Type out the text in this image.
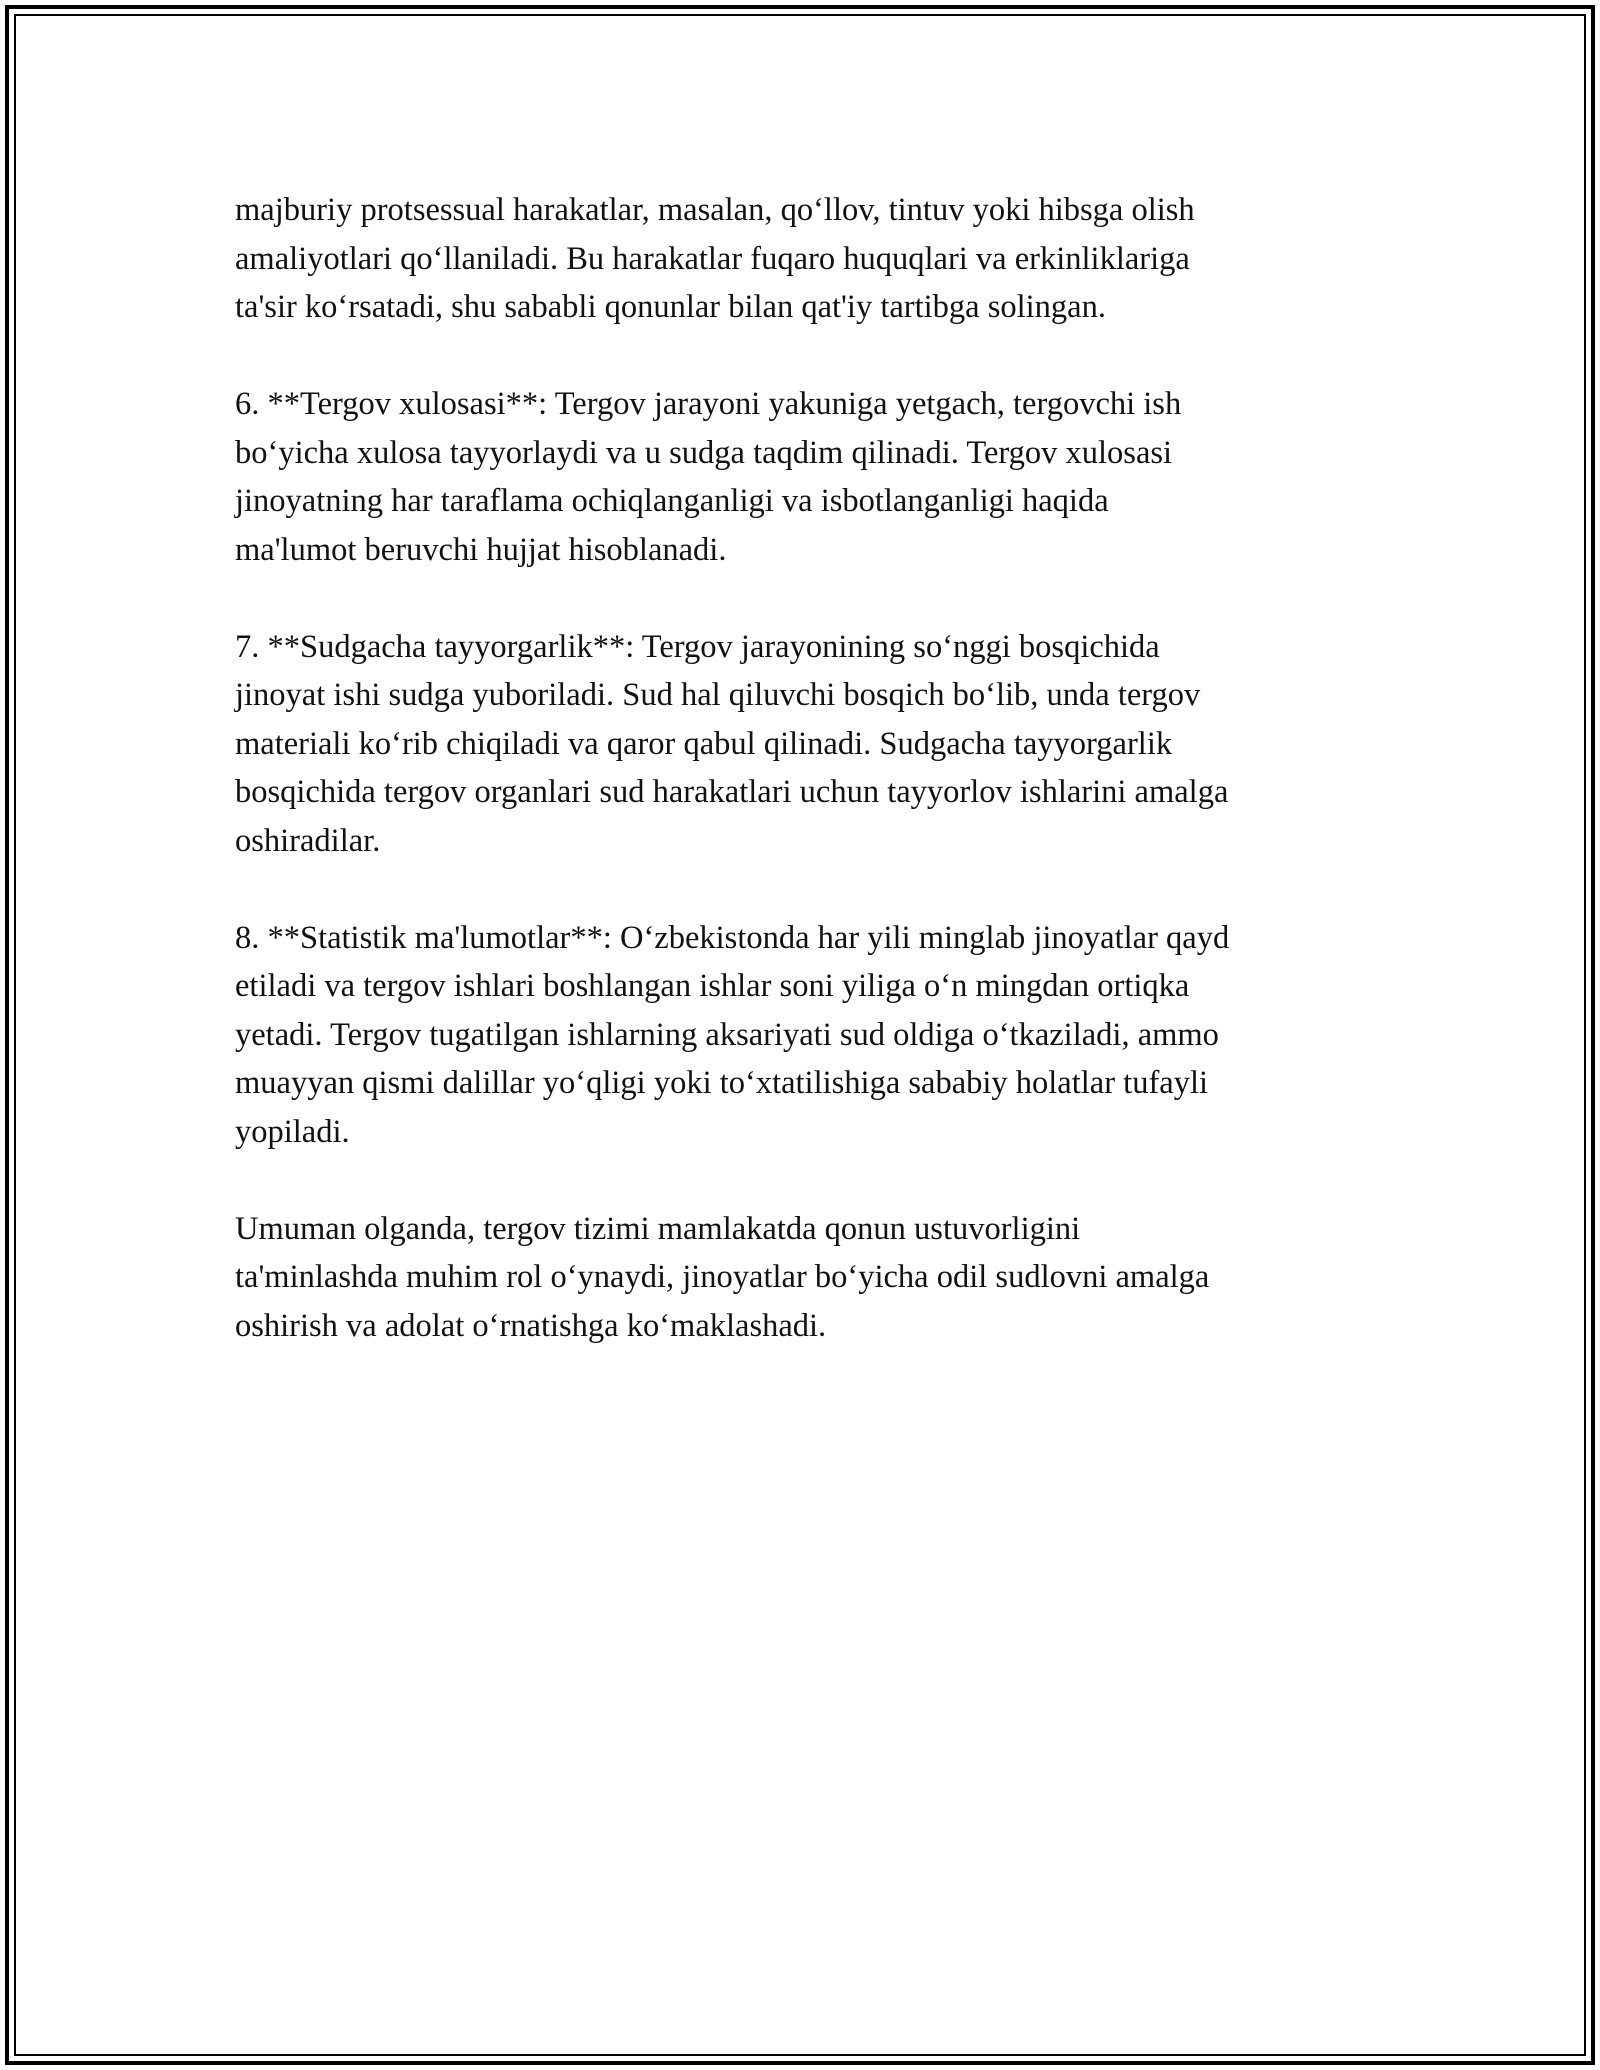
majburiy protsessual harakatlar, masalan, qo‘llov, tintuv yoki hibsga olish
amaliyotlari qo‘llaniladi. Bu harakatlar fuqaro huquqlari va erkinliklariga
ta'sir ko‘rsatadi, shu sababli qonunlar bilan qat'iy tartibga solingan.

6. **Tergov xulosasi**: Tergov jarayoni yakuniga yetgach, tergovchi ish
bo‘yicha xulosa tayyorlaydi va u sudga taqdim qilinadi. Tergov xulosasi
jinoyatning har taraflama ochiqlanganligi va isbotlanganligi haqida
ma'lumot beruvchi hujjat hisoblanadi.

7. **Sudgacha tayyorgarlik**: Tergov jarayonining so‘nggi bosqichida
jinoyat ishi sudga yuboriladi. Sud hal qiluvchi bosqich bo‘lib, unda tergov
materiali ko‘rib chiqiladi va qaror qabul qilinadi. Sudgacha tayyorgarlik
bosqichida tergov organlari sud harakatlari uchun tayyorlov ishlarini amalga
oshiradilar.

8. **Statistik ma'lumotlar**: O‘zbekistonda har yili minglab jinoyatlar qayd
etiladi va tergov ishlari boshlangan ishlar soni yiliga o‘n mingdan ortiqka
yetadi. Tergov tugatilgan ishlarning aksariyati sud oldiga o‘tkaziladi, ammo
muayyan qismi dalillar yo‘qligi yoki to‘xtatilishiga sababiy holatlar tufayli
yopiladi.

Umuman olganda, tergov tizimi mamlakatda qonun ustuvorligini
ta'minlashda muhim rol o‘ynaydi, jinoyatlar bo‘yicha odil sudlovni amalga
oshirish va adolat o‘rnatishga ko‘maklashadi.
